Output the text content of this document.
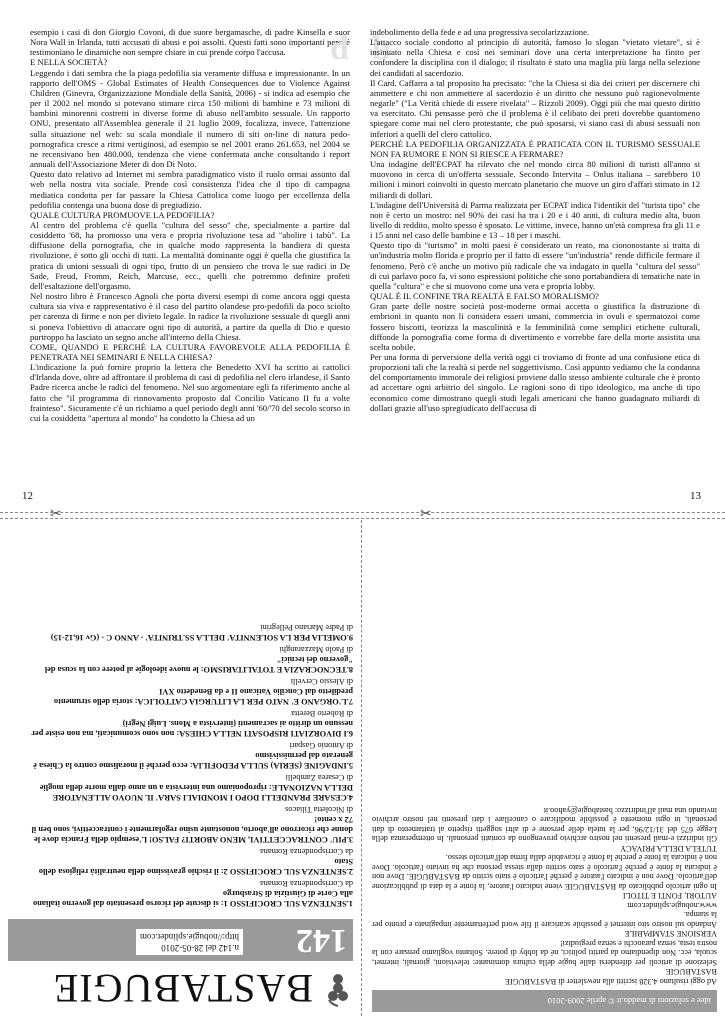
esempio i casi di don Giorgio Covoni, di due suore bergamasche, di padre Kinsella e suor Nora Wall in Irlanda, tutti accusati di abusi e poi assolti. Questi fatti sono importanti perché testimoniano le dinamiche non sempre chiare in cui prende corpo l'accusa.

E NELLA SOCIETÀ?

Leggendo i dati sembra che la piaga pedofilia sia veramente diffusa e impressionante. In un rapporto dell'OMS - Global Estimates of Health Consequences due to Violence Against Children (Ginevra, Organizzazione Mondiale della Sanità, 2006) - si indica ad esempio che per il 2002 nel mondo si potevano stimare circa 150 milioni di bambine e 73 milioni di bambini minorenni costretti in diverse forme di abuso nell'ambito sessuale. Un rapporto ONU, presentato all'Assemblea generale il 21 luglio 2009, focalizza, invece, l'attenzione sulla situazione nel web: su scala mondiale il numero di siti on-line di natura pedo-pornografica cresce a ritmi vertiginosi, ad esempio se nel 2001 erano 261.653, nel 2004 se ne recensivano ben 480.000, tendenza che viene confermata anche consultando i report annuali dell'Associazione Meter di don Di Noto.

Questo dato relativo ad Internet mi sembra paradigmatico visto il ruolo ormai assunto dal web nella nostra vita sociale. Prende così consistenza l'idea che il tipo di campagna mediatica condotta per far passare la Chiesa Cattolica come luogo per eccellenza della pedofilia contenga una buona dose di pregiudizio.

QUALE CULTURA PROMUOVE LA PEDOFILIA?

Al centro del problema c'è quella "cultura del sesso" che, specialmente a partire dal cosiddetto '68, ha promosso una vera e propria rivoluzione tesa ad "abolire i tabù". La diffusione della pornografia, che in qualche modo rappresenta la bandiera di questa rivoluzione, è sotto gli occhi di tutti. La mentalità dominante oggi è quella che giustifica la pratica di unioni sessuali di ogni tipo, frutto di un pensiero che trova le sue radici in De Sade, Freud, Fromm, Reich, Marcuse, ecc., quelli che potremmo definire profeti dell'esaltazione dell'orgasmo.

Nel nostro libro è Francesco Agnoli che porta diversi esempi di come ancora oggi questa cultura sia viva e rappresentativo è il caso del partito olandese pro-pedofili da poco sciolto per carenza di firme e non per divieto legale. In radice la rivoluzione sessuale di quegli anni si poneva l'obiettivo di attaccare ogni tipo di autorità, a partire da quella di Dio e questo purtroppo ha lasciato un segno anche all'interno della Chiesa.

COME, QUANDO E PERCHÉ LA CULTURA FAVOREVOLE ALLA PEDOFILIA È PENETRATA NEI SEMINARI E NELLA CHIESA?

L'indicazione la può fornire proprio la lettera che Benedetto XVI ha scritto ai cattolici d'Irlanda dove, oltre ad affrontare il problema di casi di pedofilia nel clero irlandese, il Santo Padre ricerca anche le radici del fenomeno. Nel suo argomentare egli fa riferimento anche al fatto che "il programma di rinnovamento proposto dal Concilio Vaticano II fu a volte frainteso". Sicuramente c'è un richiamo a quel periodo degli anni '60/'70 del secolo scorso in cui la cosiddetta "apertura al mondo" ha condotto la Chiesa ad un

d b

indebolimento della fede e ad una progressiva secolarizzazione.

L'attacco sociale condotto al principio di autorità, famoso lo slogan "vietato vietare", si è insinuato nella Chiesa e così nei seminari dove una certa interpretazione ha finito per confondere la disciplina con il dialogo; il risultato è stato una maglia più larga nella selezione dei candidati al sacerdozio.

Il Card. Caffarra a tal proposito ha precisato: "che la Chiesa si dia dei criteri per discernere chi ammettere e chi non ammettere al sacerdozio è un diritto che nessuno può ragionevolmente negarle" ("La Verità chiede di essere rivelata" – Rizzoli 2009). Oggi più che mai questo diritto va esercitato. Chi pensasse però che il problema è il celibato dei preti dovrebbe quantomeno spiegare come mai nel clero protestante, che può sposarsi, vi siano casi di abusi sessuali non inferiori a quelli del clero cattolico.

PERCHÉ LA PEDOFILIA ORGANIZZATA È PRATICATA CON IL TURISMO SESSUALE NON FA RUMORE E NON SI RIESCE A FERMARE?

Una indagine dell'ECPAT ha rilevato che nel mondo circa 80 milioni di turisti all'anno si muovono in cerca di un'offerta sessuale. Secondo Intervita – Onlus italiana – sarebbero 10 milioni i minori coinvolti in questo mercato planetario che muove un giro d'affari stimato in 12 miliardi di dollari.

L'indagine dell'Università di Parma realizzata per ECPAT indica l'identikit del "turista tipo" che non è certo un mostro: nel 90% dei casi ha tra i 20 e i 40 anni, di cultura medio alta, buon livello di reddito, molto spesso è sposato. Le vittime, invece, hanno un'età compresa fra gli 11 e i 15 anni nel caso delle bambine e 13 – 18 per i maschi.

Questo tipo di "turismo" in molti paesi è considerato un reato, ma ciononostante si tratta di un'industria molto florida e proprio per il fatto di essere "un'industria" rende difficile fermare il fenomeno. Però c'è anche un motivo più radicale che va indagato in quella "cultura del sesso" di cui parlavo poco fa, vi sono espressioni politiche che sono portabandiera di tematiche nate in quella "cultura" e che si muovono come una vera e propria lobby.

QUAL È IL CONFINE TRA REALTÀ E FALSO MORALISMO?

Gran parte delle nostre società post-moderne ormai accetta o giustifica la distruzione di embrioni in quanto non li considera esseri umani, commercia in ovuli e spermatozoi come fossero biscotti, teorizza la mascolinità e la femminilità come semplici etichette culturali, diffonde la pornografia come forma di divertimento e vorrebbe fare della morte assistita una scelta nobile.

Per una forma di perversione della verità oggi ci troviamo di fronte ad una confusione etica di proporzioni tali che la realtà si perde nel soggettivismo. Così appunto vediamo che la condanna del comportamento immorale dei religiosi proviene dallo stesso ambiente culturale che è pronto ad accettare ogni arbitrio del singolo. Le ragioni sono di tipo ideologico, ma anche di tipo economico come dimostrano quegli studi legali americani che hanno guadagnato miliardi di dollari grazie all'uso spregiudicato dell'accusa di

12	13
✂	✂
BASTABUGIE
142
n.142 del 28-05-2010
http://nobugie.splinder.com
1.SENTENZA SUL CROCIFISSO 1: si discute del ricorso presentato dal governo italiano alla Corte di Giustizia di Strasburgo
da Corrispondenza Romana
2.SENTENZA SUL CROCIFISSO 2: il rischio gravissimo della neutralità religiosa dello Stato
da Corrispondenza Romana
3.PIU' CONTRACCETTIVI, MENO ABORTI? FALSO! L'esempio della Francia dove le donne che ricorrono all'aborto, nonostante usino regolarmente i contraccettivi, sono ben il 72 x cento!
di Nicoletta Tiliacos
4.CESARE PRANDELLI DOPO I MONDIALI SARA' IL NUOVO ALLENATORE DELLA NAZIONALE: riproponiamo una intervista a un anno dalla morte della moglie
di Cesarea Zambelli
5.INDAGINE (SERIA) SULLA PEDOFILIA: ecco perché il moralismo contro la Chiesa è generato dal permissivismo
di Antonio Gaspari
6.I DIVORZIATI RISPOSATI NELLA CHIESA: non sono scomunicati, ma non esiste per nessuno un diritto ai sacramenti (intervista a Mons. Luigi Negri)
di Roberto Beretta
7.L'ORGANO E' NATO PER LA LITURGIA CATTOLICA: storia dello strumento prediletto dal Concilio Vaticano II e da Benedetto XVI
di Alessio Cervelli
8.TECNOCRAZIA E TOTALITARISMO: le nuove ideologie al potere con la scusa del "governo dei tecnici"
di Paolo Mazzaranghi
9.OMELIA PER LA SOLENNITA' DELLA SS.TRINITA' - ANNO C - (Gv 16,12-15)
di Padre Mariano Pellegrini
idee e soluzioni di maddo.it © aprile 2009-2010

Ad oggi risultano 4.328 iscritti alla newsletter di BASTABUGIE

BASTABUGIE

Selezione di articoli per difendersi dalle bugie della cultura dominante: televisioni, giornali, internet, scuola, ecc. Non dipendiamo da partiti politici, né da lobby di potere. Soltanto vogliamo pensare con la nostra testa, senza paraocchi e senza pregiudizi!

VERSIONE STAMPABILE

Andando sul nostro sito internet è possibile scaricare il file word perfettamente impaginato e pronto per la stampa.

www.nobugie.splinder.com

AUTORI, FONTI E TITOLI

In ogni articolo pubblicato da BASTABUGIE viene indicato l'autore, la fonte e la data di pubblicazione dell'articolo. Dove non è indicato l'autore è perché l'articolo è stato scritto da BASTABUGIE. Dove non è indicata la fonte è perché l'articolo è stato scritto dalla stessa persona che ha inviato l'articolo. Dove non è indicata la fonte è perché la fonte è ricavabile dalla firma dell'articolo stesso.

TUTELA DELLA PRIVACY

Gli indirizzi e-mail presenti nel nostro archivio provengono da contatti personali. In ottemperanza della Legge 675 del 31/12/96, per la tutela delle persone e di altri soggetti rispetto al trattamento di dati personali, in ogni momento è possibile modificare o cancellare i dati presenti nel nostro archivio inviando una mail all'indirizzo: bastabugie@yahoo.it
